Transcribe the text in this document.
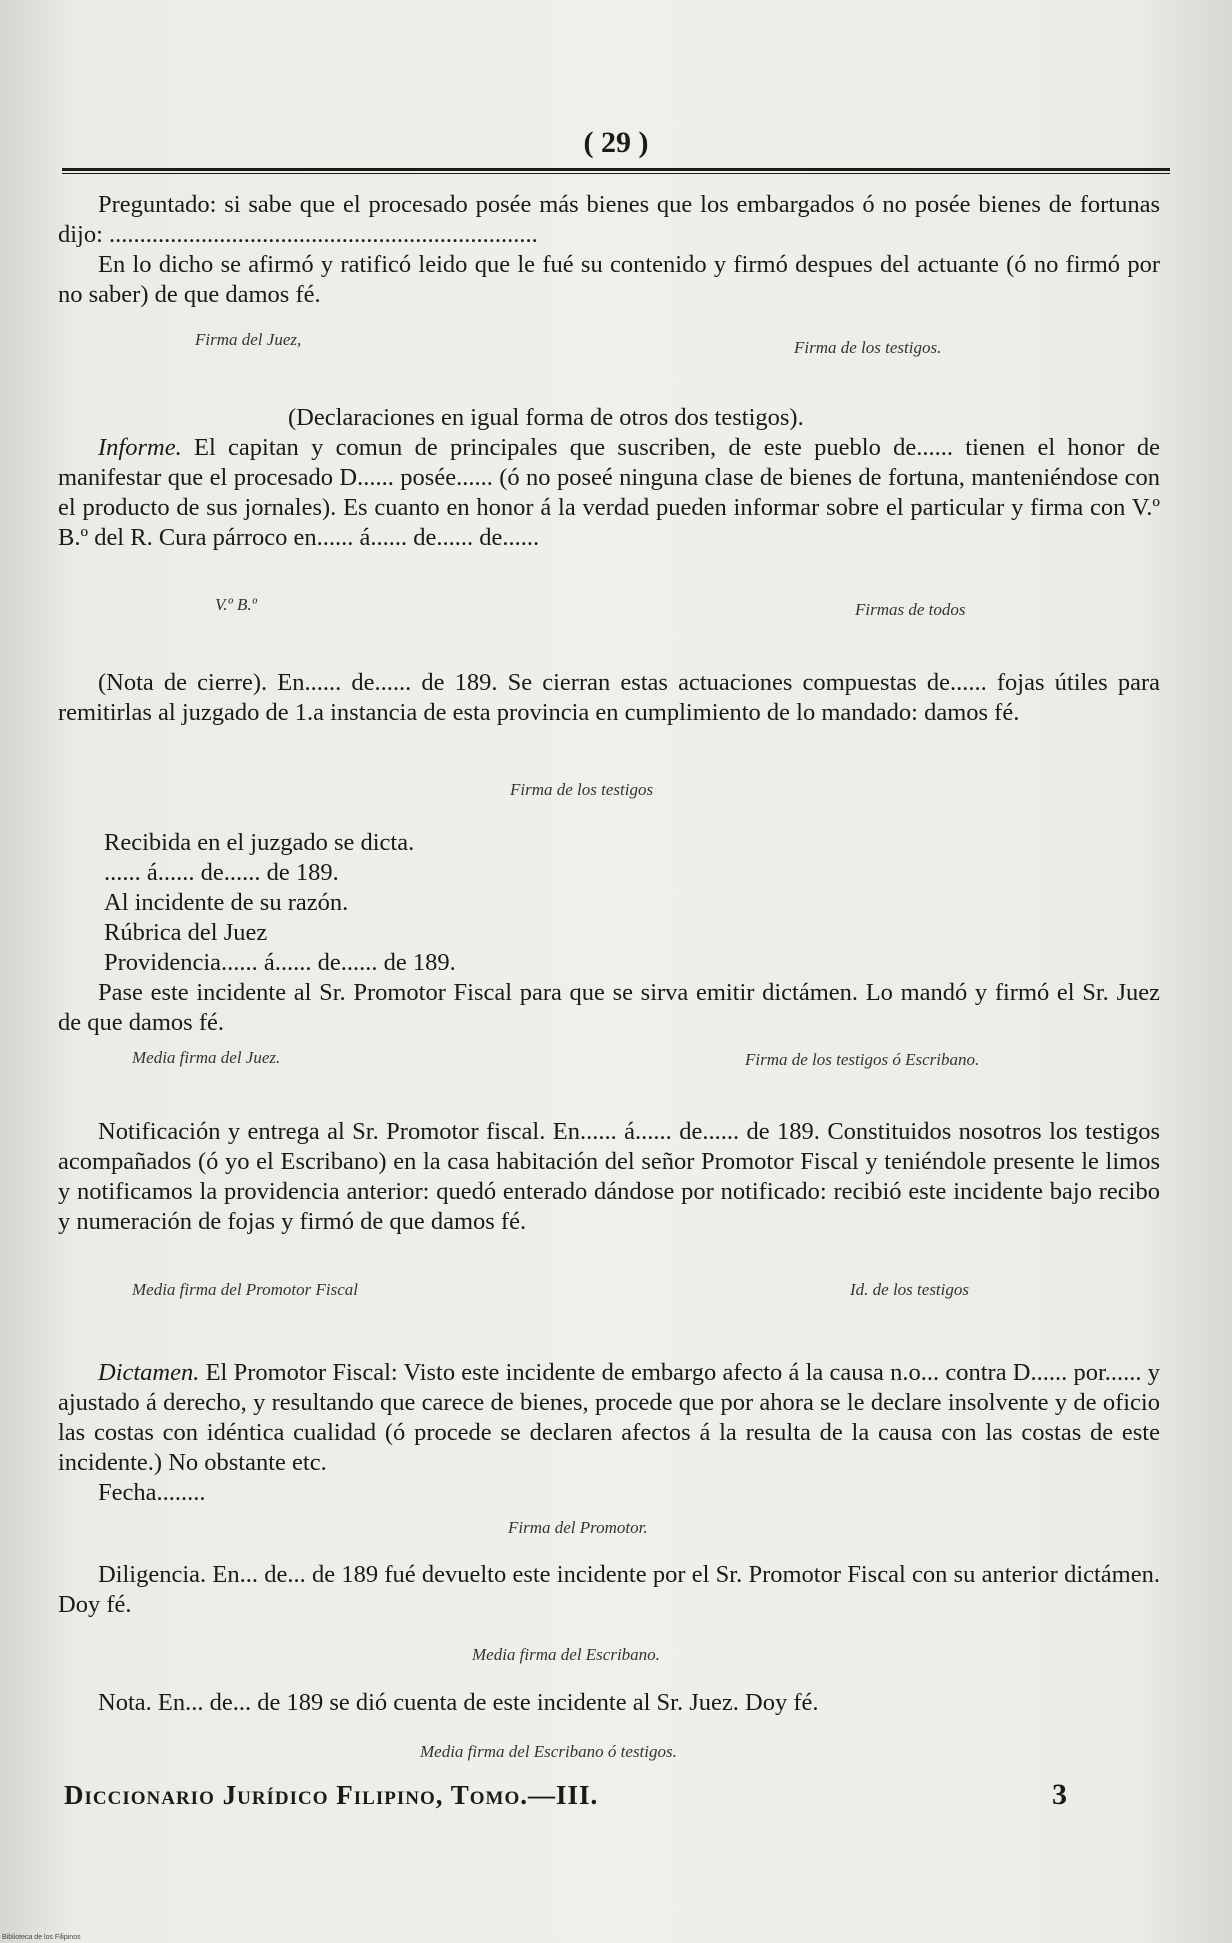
( 29 )

Preguntado: si sabe que el procesado posée más bienes que los embargados ó no posée bienes de fortunas dijo: ......................................................................

En lo dicho se afirmó y ratificó leido que le fué su contenido y firmó despues del actuante (ó no firmó por no saber) de que damos fé.

Firma del Juez,	Firma de los testigos.

(Declaraciones en igual forma de otros dos testigos).

Informe. El capitan y comun de principales que suscriben, de este pueblo de...... tienen el honor de manifestar que el procesado D...... posée...... (ó no poseé ninguna clase de bienes de fortuna, manteniéndose con el producto de sus jornales). Es cuanto en honor á la verdad pueden informar sobre el particular y firma con V.º B.º del R. Cura párroco en...... á...... de...... de......

V.º B.º	Firmas de todos

(Nota de cierre). En...... de...... de 189. Se cierran estas actuaciones compuestas de...... fojas útiles para remitirlas al juzgado de 1.a instancia de esta provincia en cumplimiento de lo mandado: damos fé.

Firma de los testigos

Recibida en el juzgado se dicta.

...... á...... de...... de 189.

Al incidente de su razón.

Rúbrica del Juez

Providencia...... á...... de...... de 189.

Pase este incidente al Sr. Promotor Fiscal para que se sirva emitir dictámen. Lo mandó y firmó el Sr. Juez de que damos fé.

Media firma del Juez.	Firma de los testigos ó Escribano.

Notificación y entrega al Sr. Promotor fiscal. En...... á...... de...... de 189. Constituidos nosotros los testigos acompañados (ó yo el Escribano) en la casa habitación del señor Promotor Fiscal y teniéndole presente le limos y notificamos la providencia anterior: quedó enterado dándose por notificado: recibió este incidente bajo recibo y numeración de fojas y firmó de que damos fé.

Media firma del Promotor Fiscal	Id. de los testigos

Dictamen. El Promotor Fiscal: Visto este incidente de embargo afecto á la causa n.o... contra D...... por...... y ajustado á derecho, y resultando que carece de bienes, procede que por ahora se le declare insolvente y de oficio las costas con idéntica cualidad (ó procede se declaren afectos á la resulta de la causa con las costas de este incidente.) No obstante etc.

Fecha........

Firma del Promotor.

Diligencia. En... de... de 189 fué devuelto este incidente por el Sr. Promotor Fiscal con su anterior dictámen. Doy fé.

Media firma del Escribano.

Nota. En... de... de 189 se dió cuenta de este incidente al Sr. Juez. Doy fé.

Media firma del Escribano ó testigos.
Diccionario Jurídico Filipino, Tomo.—III.	3
Biblioteca de los Filipinos
